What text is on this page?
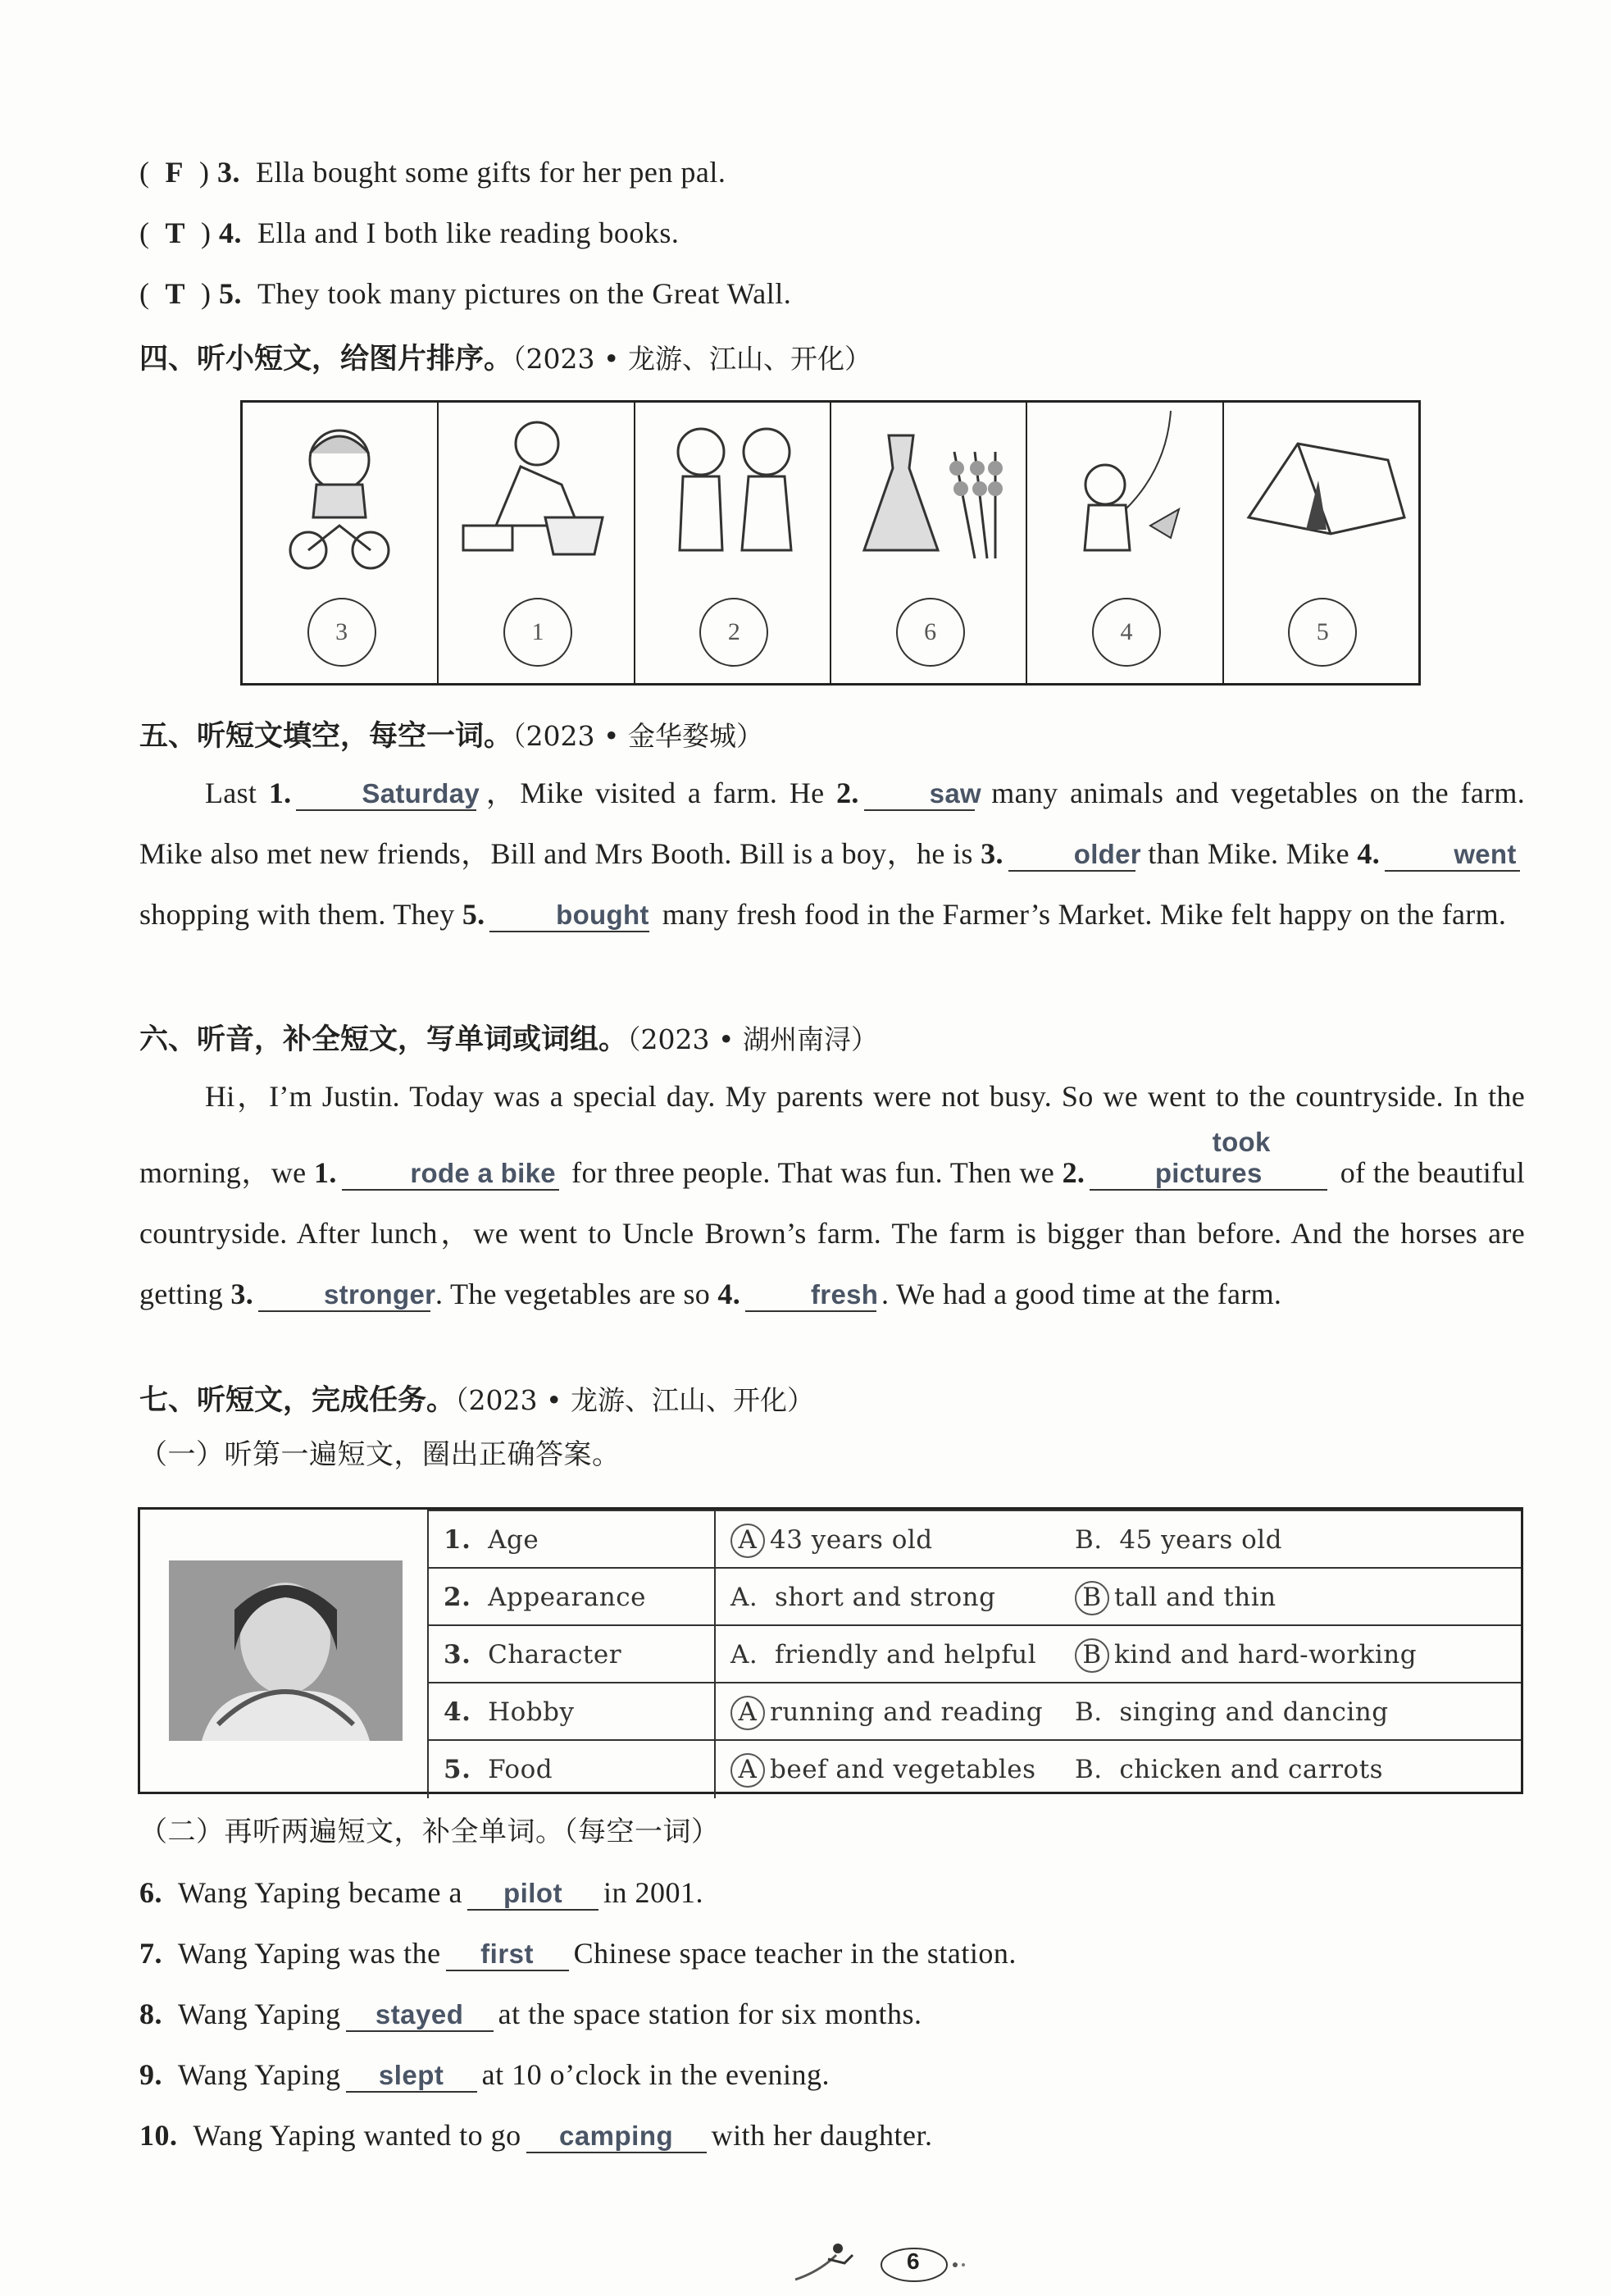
(  F  ) 3. Ella bought some gifts for her pen pal.
(  T  ) 4. Ella and I both like reading books.
(  T  ) 5. They took many pictures on the Great Wall.
四、听小短文，给图片排序。（2023 • 龙游、江山、开化）
3	1	2	6	4	5
五、听短文填空，每空一词。（2023 • 金华婺城）
Last 1.	Saturday，Mike visited a farm. He 2.	saw many animals and vegetables on the farm. Mike also met new friends，Bill and Mrs Booth. Bill is a boy，he is 3.	older than Mike. Mike 4.	went shopping with them. They 5.	bought many fresh food in the Farmer’s Market. Mike felt happy on the farm.
六、听音，补全短文，写单词或词组。（2023 • 湖州南浔）
Hi，I’m Justin. Today was a special day. My parents were not busy. So we went to the countryside. In the morning，we 1.	rode a bike for three people. That was fun. Then we 2.took pictures of the beautiful countryside. After lunch，we went to Uncle Brown’s farm. The farm is bigger than before. And the horses are getting 3.	stronger. The vegetables are so 4.	fresh . We had a good time at the farm.
七、听短文，完成任务。（2023 • 龙游、江山、开化）
（一）听第一遍短文，圈出正确答案。
1. Age	A 43 years old	B. 45 years old
2. Appearance	A. short and strong	B tall and thin
3. Character	A. friendly and helpful	B kind and hard-working
4. Hobby	A running and reading	B. singing and dancing
5. Food	A beef and vegetables	B. chicken and carrots
（二）再听两遍短文，补全单词。（每空一词）
6. Wang Yaping became a pilot in 2001.
7. Wang Yaping was the first Chinese space teacher in the station.
8. Wang Yaping stayed at the space station for six months.
9. Wang Yaping slept at 10 o’clock in the evening.
10. Wang Yaping wanted to go camping with her daughter.
6
